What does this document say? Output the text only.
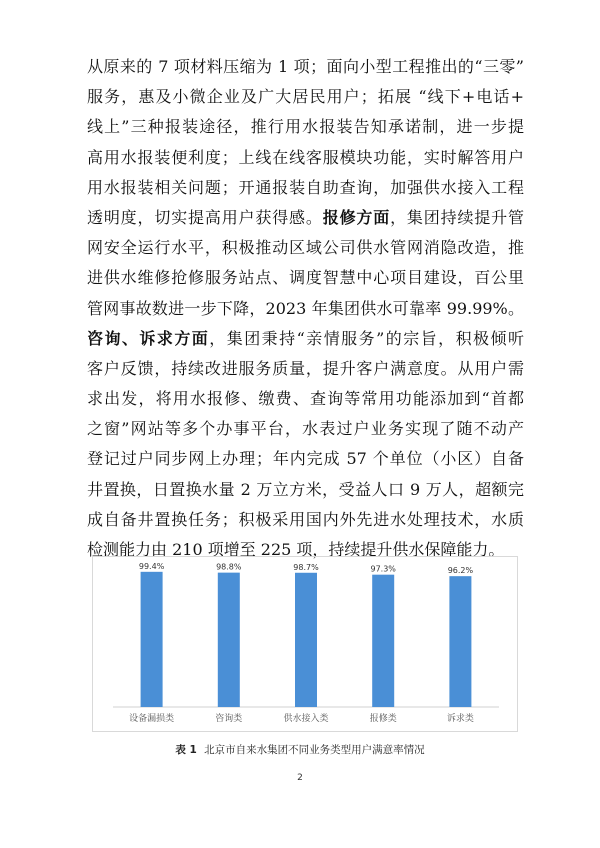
从原来的 7 项材料压缩为 1 项；面向小型工程推出的“三零”
服务，惠及小微企业及广大居民用户；拓展 “线下+电话+
线上”三种报装途径，推行用水报装告知承诺制，进一步提
高用水报装便利度；上线在线客服模块功能，实时解答用户
用水报装相关问题；开通报装自助查询，加强供水接入工程
透明度，切实提高用户获得感。报修方面，集团持续提升管
网安全运行水平，积极推动区域公司供水管网消隐改造，推
进供水维修抢修服务站点、调度智慧中心项目建设，百公里
管网事故数进一步下降，2023 年集团供水可靠率 99.99%。
咨询、诉求方面，集团秉持“亲情服务”的宗旨，积极倾听
客户反馈，持续改进服务质量，提升客户满意度。从用户需
求出发，将用水报修、缴费、查询等常用功能添加到“首都
之窗”网站等多个办事平台，水表过户业务实现了随不动产
登记过户同步网上办理；年内完成 57 个单位（小区）自备
井置换，日置换水量 2 万立方米，受益人口 9 万人，超额完
成自备井置换任务；积极采用国内外先进水处理技术，水质
检测能力由 210 项增至 225 项，持续提升供水保障能力。
99.4%
设备漏损类
98.8%
咨询类
98.7%
供水接入类
97.3%
报修类
96.2%
诉求类
表 1 北京市自来水集团不同业务类型用户满意率情况
2
